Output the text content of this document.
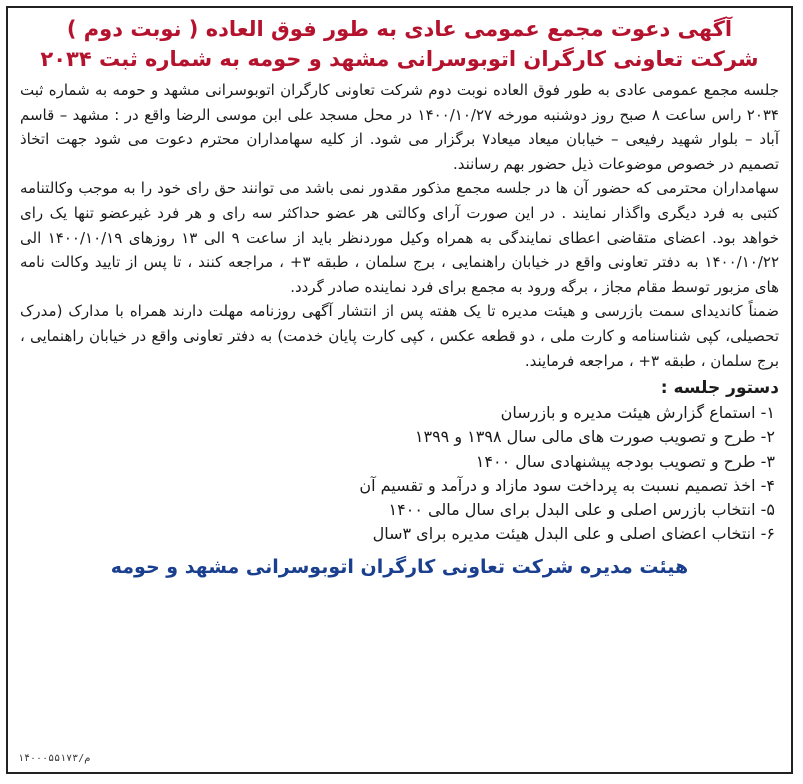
آگهی دعوت مجمع عمومی عادی به طور فوق العاده ( نوبت دوم )
شرکت تعاونی کارگران اتوبوسرانی مشهد و حومه به شماره ثبت ۲۰۳۴

جلسه مجمع عمومی عادی به طور فوق العاده نوبت دوم شرکت تعاونی کارگران اتوبوسرانی مشهد و حومه به شماره ثبت ۲۰۳۴ راس ساعت ۸ صبح روز دوشنبه مورخه ۱۴۰۰/۱۰/۲۷ در محل مسجد علی ابن موسی الرضا واقع در : مشهد – قاسم آباد – بلوار شهید رفیعی – خیابان میعاد میعاد۷ برگزار می شود. از کلیه سهامداران محترم دعوت می شود جهت اتخاذ تصمیم در خصوص موضوعات ذیل حضور بهم رسانند.

سهامداران محترمی که حضور آن ها در جلسه مجمع مذکور مقدور نمی باشد می توانند حق رای خود را به موجب وکالتنامه کتبی به فرد دیگری واگذار نمایند . در این صورت آرای وکالتی هر عضو حداکثر سه رای و هر فرد غیرعضو تنها یک رای خواهد بود. اعضای متقاضی اعطای نمایندگی به همراه وکیل موردنظر باید از ساعت ۹ الی ۱۳ روزهای ۱۴۰۰/۱۰/۱۹ الی ۱۴۰۰/۱۰/۲۲ به دفتر تعاونی واقع در خیابان راهنمایی ، برج سلمان ، طبقه ۳+ ، مراجعه کنند ، تا پس از تایید وکالت نامه های مزبور توسط مقام مجاز ، برگه ورود به مجمع برای فرد نماینده صادر گردد.

ضمناً کاندیدای سمت بازرسی و هیئت مدیره تا یک هفته پس از انتشار آگهی روزنامه مهلت دارند همراه با مدارک (مدرک تحصیلی، کپی شناسنامه و کارت ملی ، دو قطعه عکس ، کپی کارت پایان خدمت) به دفتر تعاونی واقع در خیابان راهنمایی ، برج سلمان ، طبقه ۳+ ، مراجعه فرمایند.

دستور جلسه :
۱- استماع گزارش هیئت مدیره و بازرسان
۲- طرح و تصویب صورت های مالی سال ۱۳۹۸ و ۱۳۹۹
۳- طرح و تصویب بودجه پیشنهادی سال ۱۴۰۰
۴- اخذ تصمیم نسبت به پرداخت سود مازاد و درآمد و تقسیم آن
۵- انتخاب بازرس اصلی و علی البدل برای سال مالی ۱۴۰۰
۶- انتخاب اعضای اصلی و علی البدل هیئت مدیره برای ۳سال
هیئت مدیره شرکت تعاونی کارگران اتوبوسرانی مشهد و حومه
م/۱۴۰۰۰۵۵۱۷۳
